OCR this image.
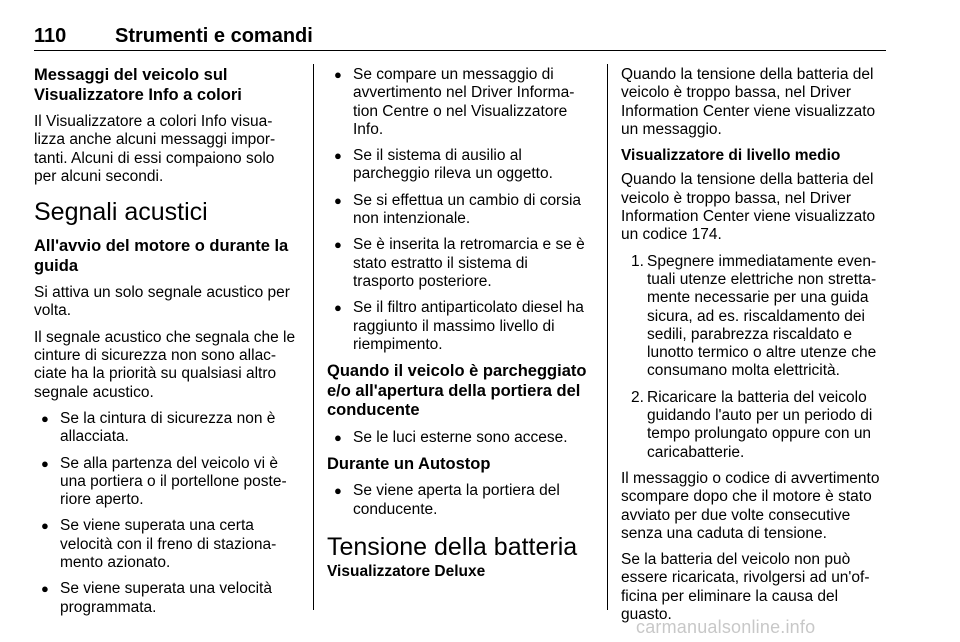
110 Strumenti e comandi
Messaggi del veicolo sul Visualizzatore Info a colori

Il Visualizzatore a colori Info visua-lizza anche alcuni messaggi impor-tanti. Alcuni di essi compaiono solo per alcuni secondi.

Segnali acustici
All'avvio del motore o durante la guida

Si attiva un solo segnale acustico per volta.

Il segnale acustico che segnala che le cinture di sicurezza non sono allac-ciate ha la priorità su qualsiasi altro segnale acustico.

● Se la cintura di sicurezza non è allacciata.
● Se alla partenza del veicolo vi è una portiera o il portellone poste-riore aperto.
● Se viene superata una certa velocità con il freno di staziona-mento azionato.
● Se viene superata una velocità programmata.
● Se compare un messaggio di avvertimento nel Driver Informa-tion Centre o nel Visualizzatore Info.
● Se il sistema di ausilio al parcheggio rileva un oggetto.
● Se si effettua un cambio di corsia non intenzionale.
● Se è inserita la retromarcia e se è stato estratto il sistema di trasporto posteriore.
● Se il filtro antiparticolato diesel ha raggiunto il massimo livello di riempimento.
Quando il veicolo è parcheggiato e/o all'apertura della portiera del conducente
● Se le luci esterne sono accese.
Durante un Autostop
● Se viene aperta la portiera del conducente.
Tensione della batteria
Visualizzatore Deluxe

Quando la tensione della batteria del veicolo è troppo bassa, nel Driver Information Center viene visualizzato un messaggio.

Visualizzatore di livello medio

Quando la tensione della batteria del veicolo è troppo bassa, nel Driver Information Center viene visualizzato un codice 174.

1. Spegnere immediatamente even-tuali utenze elettriche non stretta-mente necessarie per una guida sicura, ad es. riscaldamento dei sedili, parabrezza riscaldato e lunotto termico o altre utenze che consumano molta elettricità.
2. Ricaricare la batteria del veicolo guidando l'auto per un periodo di tempo prolungato oppure con un caricabatterie.

Il messaggio o codice di avvertimento scompare dopo che il motore è stato avviato per due volte consecutive senza una caduta di tensione.

Se la batteria del veicolo non può essere ricaricata, rivolgersi ad un'of-ficina per eliminare la causa del guasto.

carmanualsonline.info
